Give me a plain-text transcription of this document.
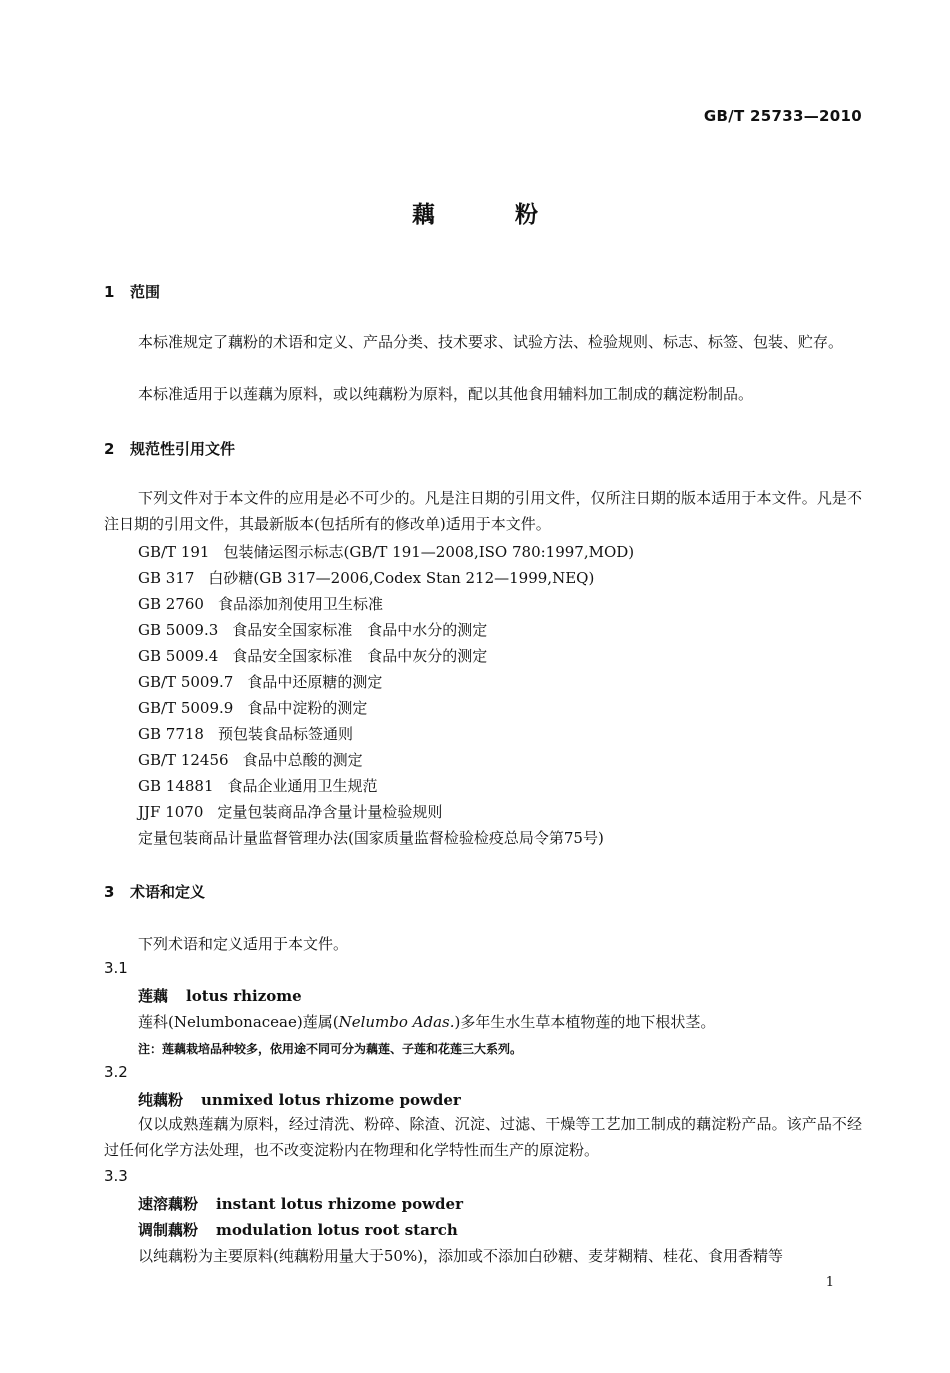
GB/T 25733—2010
藕	粉
1 范围
本标准规定了藕粉的术语和定义、产品分类、技术要求、试验方法、检验规则、标志、标签、包装、贮存。
本标准适用于以莲藕为原料，或以纯藕粉为原料，配以其他食用辅料加工制成的藕淀粉制品。
2 规范性引用文件
下列文件对于本文件的应用是必不可少的。凡是注日期的引用文件，仅所注日期的版本适用于本文件。凡是不注日期的引用文件，其最新版本(包括所有的修改单)适用于本文件。
GB/T 191 包装储运图示标志(GB/T 191—2008,ISO 780:1997,MOD)
GB 317 白砂糖(GB 317—2006,Codex Stan 212—1999,NEQ)
GB 2760 食品添加剂使用卫生标准
GB 5009.3 食品安全国家标准　食品中水分的测定
GB 5009.4 食品安全国家标准　食品中灰分的测定
GB/T 5009.7 食品中还原糖的测定
GB/T 5009.9 食品中淀粉的测定
GB 7718 预包装食品标签通则
GB/T 12456 食品中总酸的测定
GB 14881 食品企业通用卫生规范
JJF 1070 定量包装商品净含量计量检验规则
定量包装商品计量监督管理办法(国家质量监督检验检疫总局令第75号)
3 术语和定义
下列术语和定义适用于本文件。
3.1
莲藕 lotus rhizome
莲科(Nelumbonaceae)莲属(Nelumbo Adas.)多年生水生草本植物莲的地下根状茎。
注：莲藕栽培品种较多，依用途不同可分为藕莲、子莲和花莲三大系列。
3.2
纯藕粉 unmixed lotus rhizome powder
仅以成熟莲藕为原料，经过清洗、粉碎、除渣、沉淀、过滤、干燥等工艺加工制成的藕淀粉产品。该产品不经过任何化学方法处理，也不改变淀粉内在物理和化学特性而生产的原淀粉。
3.3
速溶藕粉 instant lotus rhizome powder
调制藕粉 modulation lotus root starch
以纯藕粉为主要原料(纯藕粉用量大于50%)，添加或不添加白砂糖、麦芽糊精、桂花、食用香精等
1
